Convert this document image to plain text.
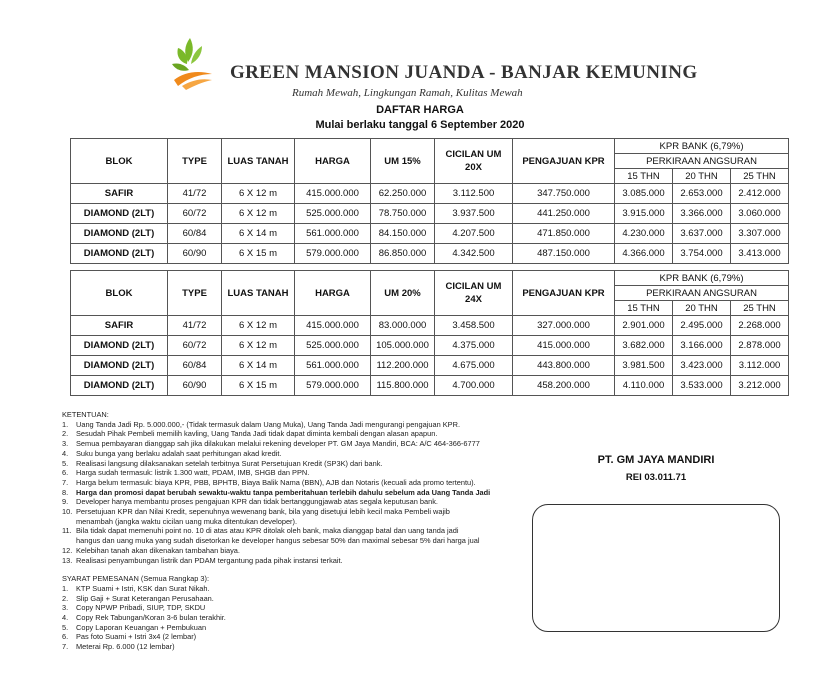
GREEN MANSION JUANDA - BANJAR KEMUNING
Rumah Mewah, Lingkungan Ramah, Kulitas Mewah
DAFTAR HARGA
Mulai berlaku tanggal 6 September 2020
BLOK	TYPE	LUAS TANAH	HARGA	UM 15%	CICILAN UM 20X	PENGAJUAN KPR	KPR BANK (6,79%)		
							PERKIRAAN ANGSURAN		
							15 THN	20 THN	25 THN
SAFIR	41/72	6 X 12 m	415.000.000	62.250.000	3.112.500	347.750.000	3.085.000	2.653.000	2.412.000
DIAMOND (2LT)	60/72	6 X 12 m	525.000.000	78.750.000	3.937.500	441.250.000	3.915.000	3.366.000	3.060.000
DIAMOND (2LT)	60/84	6 X 14 m	561.000.000	84.150.000	4.207.500	471.850.000	4.230.000	3.637.000	3.307.000
DIAMOND (2LT)	60/90	6 X 15 m	579.000.000	86.850.000	4.342.500	487.150.000	4.366.000	3.754.000	3.413.000
BLOK	TYPE	LUAS TANAH	HARGA	UM 20%	CICILAN UM 24X	PENGAJUAN KPR	KPR BANK (6,79%)		
							PERKIRAAN ANGSURAN		
							15 THN	20 THN	25 THN
SAFIR	41/72	6 X 12 m	415.000.000	83.000.000	3.458.500	327.000.000	2.901.000	2.495.000	2.268.000
DIAMOND (2LT)	60/72	6 X 12 m	525.000.000	105.000.000	4.375.000	415.000.000	3.682.000	3.166.000	2.878.000
DIAMOND (2LT)	60/84	6 X 14 m	561.000.000	112.200.000	4.675.000	443.800.000	3.981.500	3.423.000	3.112.000
DIAMOND (2LT)	60/90	6 X 15 m	579.000.000	115.800.000	4.700.000	458.200.000	4.110.000	3.533.000	3.212.000
KETENTUAN:
1.	Uang Tanda Jadi Rp. 5.000.000,- (Tidak termasuk dalam Uang Muka), Uang Tanda Jadi mengurangi pengajuan KPR.
2.	Sesudah Pihak Pembeli memilih kavling, Uang Tanda Jadi tidak dapat diminta kembali dengan alasan apapun.
3.	Semua pembayaran dianggap sah jika dilakukan melalui rekening developer PT. GM Jaya Mandiri, BCA: A/C 464-366-6777
4.	Suku bunga yang berlaku adalah saat perhitungan akad kredit.
5.	Realisasi langsung dilaksanakan setelah terbitnya Surat Persetujuan Kredit (SP3K) dari bank.
6.	Harga sudah termasuk: listrik 1.300 watt, PDAM, IMB, SHGB dan PPN.
7.	Harga belum termasuk: biaya KPR, PBB, BPHTB, Biaya Balik Nama (BBN), AJB dan Notaris (kecuali ada promo tertentu).
8.	Harga dan promosi dapat berubah sewaktu-waktu tanpa pemberitahuan terlebih dahulu sebelum ada Uang Tanda Jadi
9.	Developer hanya membantu proses pengajuan KPR dan tidak bertanggungjawab atas segala keputusan bank.
10. Persetujuan KPR dan Nilai Kredit, sepenuhnya wewenang bank, bila yang disetujui lebih kecil maka Pembeli wajib
menambah (jangka waktu cicilan uang muka ditentukan developer).
11. Bila tidak dapat memenuhi point no. 10 di atas atau KPR ditolak oleh bank, maka dianggap batal dan uang tanda jadi
hangus dan uang muka yang sudah disetorkan ke developer hangus sebesar 50% dan maximal sebesar 5% dari harga jual
12. Kelebihan tanah akan dikenakan tambahan biaya.
13. Realisasi penyambungan listrik dan PDAM tergantung pada pihak instansi terkait.
SYARAT PEMESANAN (Semua Rangkap 3):
1.	KTP Suami + Istri, KSK dan Surat Nikah.
2.	Slip Gaji + Surat Keterangan Perusahaan.
3.	Copy NPWP Pribadi, SIUP, TDP, SKDU
4.	Copy Rek Tabungan/Koran 3-6 bulan terakhir.
5.	Copy Laporan Keuangan + Pembukuan
6.	Pas foto Suami + Istri 3x4 (2 lembar)
7.	Meterai Rp. 6.000 (12 lembar)
PT. GM JAYA MANDIRI
REI 03.011.71
